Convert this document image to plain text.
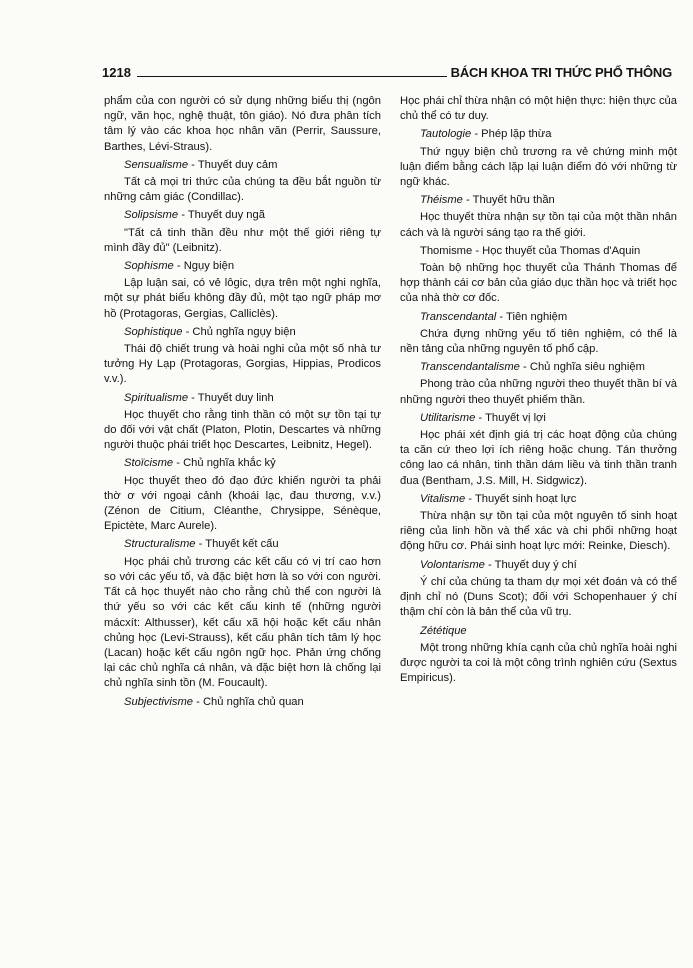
1218	BÁCH KHOA TRI THỨC PHỔ THÔNG

phẩm của con người có sử dụng những biểu thị (ngôn ngữ, văn học, nghệ thuật, tôn giáo). Nó đưa phân tích tâm lý vào các khoa học nhân văn (Perrir, Saussure, Barthes, Lévi-Straus).

Sensualisme - Thuyết duy cảm

Tất cả mọi tri thức của chúng ta đều bắt nguồn từ những cảm giác (Condillac).

Solipsisme - Thuyết duy ngã

"Tất cả tinh thần đều như một thế giới riêng tự mình đầy đủ" (Leibnitz).

Sophisme - Ngụy biện

Lập luận sai, có vẻ lôgic, dựa trên một nghi nghĩa, một sự phát biểu không đầy đủ, một tạo ngữ pháp mơ hồ (Protagoras, Gergias, Calliclès).

Sophistique - Chủ nghĩa ngụy biện

Thái độ chiết trung và hoài nghi của một số nhà tư tưởng Hy Lạp (Protagoras, Gorgias, Hippias, Prodicos v.v.).

Spiritualisme - Thuyết duy linh

Học thuyết cho rằng tinh thần có một sự tồn tại tự do đối với vật chất (Platon, Plotin, Descartes và những người thuộc phái triết học Descartes, Leibnitz, Hegel).

Stoïcisme - Chủ nghĩa khắc kỷ

Học thuyết theo đó đạo đức khiến người ta phải thờ ơ với ngoại cảnh (khoái lạc, đau thương, v.v.) (Zénon de Citium, Cléanthe, Chrysippe, Sénèque, Epictète, Marc Aurele).

Structuralisme - Thuyết kết cấu

Học phái chủ trương các kết cấu có vị trí cao hơn so với các yếu tố, và đặc biệt hơn là so với con người. Tất cả học thuyết nào cho rằng chủ thể con người là thứ yếu so với các kết cấu kinh tế (những người mácxít: Althusser), kết cấu xã hội hoặc kết cấu nhân chủng học (Levi-Strauss), kết cấu phân tích tâm lý học (Lacan) hoặc kết cấu ngôn ngữ học. Phản ứng chống lại các chủ nghĩa cá nhân, và đặc biệt hơn là chống lại chủ nghĩa sinh tồn (M. Foucault).

Subjectivisme - Chủ nghĩa chủ quan

Học phái chỉ thừa nhận có một hiện thực: hiện thực của chủ thể có tư duy.

Tautologie - Phép lặp thừa

Thứ ngụy biện chủ trương ra vẻ chứng minh một luận điểm bằng cách lặp lại luận điểm đó với những từ ngữ khác.

Théisme - Thuyết hữu thần

Học thuyết thừa nhận sự tồn tại của một thần nhân cách và là người sáng tạo ra thế giới.

Thomisme - Học thuyết của Thomas d'Aquin

Toàn bộ những học thuyết của Thánh Thomas để hợp thành cái cơ bản của giáo dục thần học và triết học của nhà thờ cơ đốc.

Transcendantal - Tiên nghiệm

Chứa đựng những yếu tố tiên nghiệm, có thể là nền tảng của những nguyên tố phổ cập.

Transcendantalisme - Chủ nghĩa siêu nghiệm

Phong trào của những người theo thuyết thần bí và những người theo thuyết phiếm thần.

Utilitarisme - Thuyết vị lợi

Học phái xét định giá trị các hoạt động của chúng ta căn cứ theo lợi ích riêng hoặc chung. Tán thưởng công lao cá nhân, tinh thần dám liều và tinh thần tranh đua (Bentham, J.S. Mill, H. Sidgwicz).

Vitalisme - Thuyết sinh hoạt lực

Thừa nhận sự tồn tại của một nguyên tố sinh hoạt riêng của linh hồn và thể xác và chi phối những hoạt động hữu cơ. Phái sinh hoạt lực mới: Reinke, Diesch).

Volontarisme - Thuyết duy ý chí

Ý chí của chúng ta tham dự mọi xét đoán và có thể định chỉ nó (Duns Scot); đối với Schopenhauer ý chí thậm chí còn là bản thể của vũ trụ.

Zététique

Một trong những khía cạnh của chủ nghĩa hoài nghi được người ta coi là một công trình nghiên cứu (Sextus Empiricus).
